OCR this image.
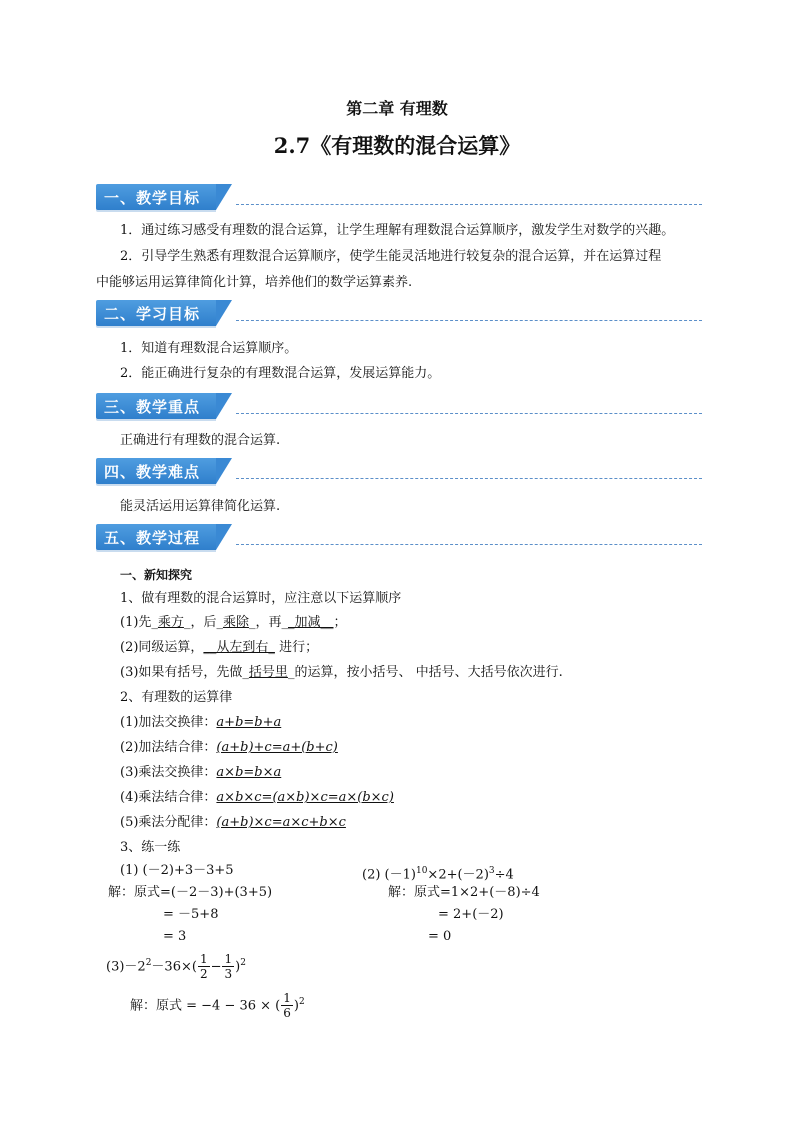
第二章 有理数
2.7《有理数的混合运算》
一、教学目标
1．通过练习感受有理数的混合运算，让学生理解有理数混合运算顺序，激发学生对数学的兴趣。
2．引导学生熟悉有理数混合运算顺序，使学生能灵活地进行较复杂的混合运算，并在运算过程
中能够运用运算律简化计算，培养他们的数学运算素养.
二、学习目标
1．知道有理数混合运算顺序。
2．能正确进行复杂的有理数混合运算，发展运算能力。
三、教学重点
正确进行有理数的混合运算.
四、教学难点
能灵活运用运算律简化运算.
五、教学过程
一、新知探究
1、做有理数的混合运算时，应注意以下运算顺序
(1)先_乘方_，后_乘除_，再__加减__；
(2)同级运算，__从左到右_ 进行；
(3)如果有括号，先做_括号里_的运算，按小括号、 中括号、大括号依次进行.
2、有理数的运算律
(1)加法交换律：a+b=b+a
(2)加法结合律：(a+b)+c=a+(b+c)
(3)乘法交换律：a×b=b×a
(4)乘法结合律：a×b×c=(a×b)×c=a×(b×c)
(5)乘法分配律：(a+b)×c=a×c+b×c
3、练一练
(1) (－2)+3－3+5
解：原式=(－2－3)+(3+5)
= －5+8
= 3
(2) $(-1)^{10}\times 2+(-2)^3\div 4$
解：原式=1×2+(－8)÷4
= 2+(－2)
= 0
$(3)-2^2-36\times( \frac{1}{2} - \frac{1}{3} )^2$
解：原式 = −4 − 36 × ( $\frac{1}{6} )^2$
